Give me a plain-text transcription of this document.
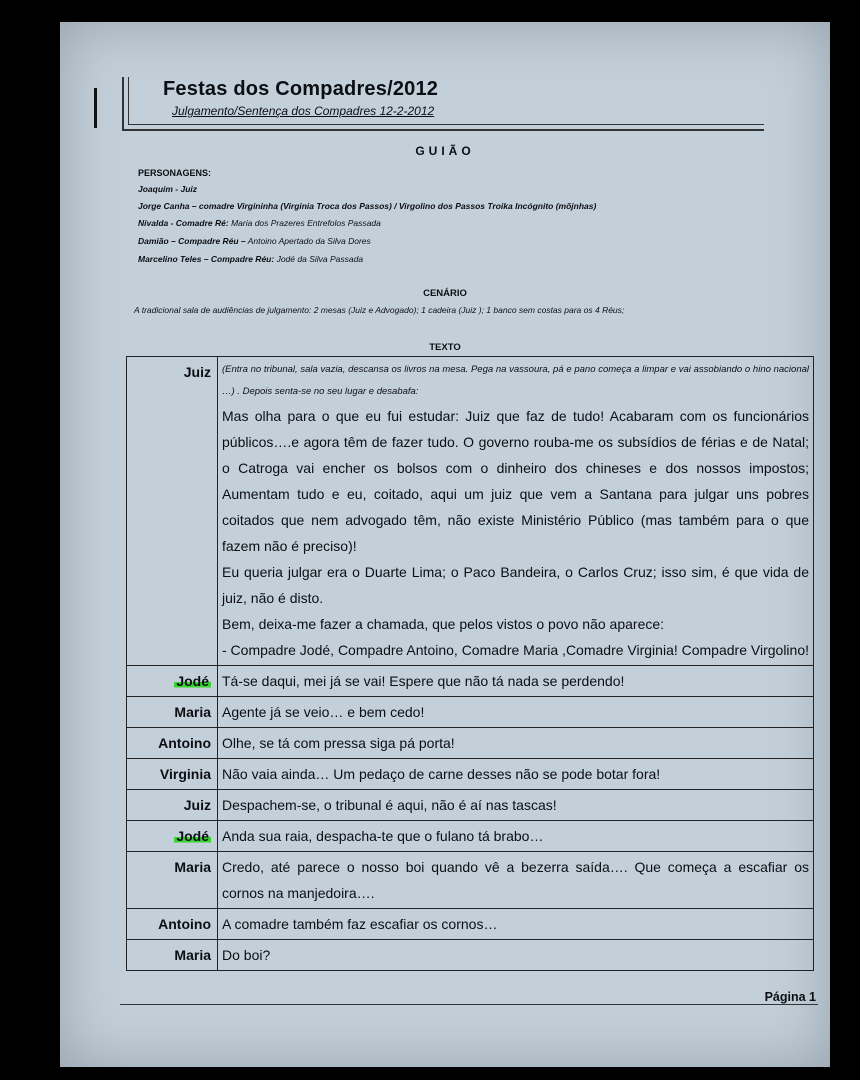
Festas dos Compadres/2012
Julgamento/Sentença dos Compadres 12-2-2012
GUIÃO
PERSONAGENS:
Joaquim - Juiz
Jorge Canha – comadre Virgininha (Virginia Troca dos Passos) / Virgolino dos Passos Troika Incógnito (mõjnhas)
Nivalda - Comadre Ré: Maria dos Prazeres Entrefolos Passada
Damião – Compadre Réu – Antoino Apertado da Silva Dores
Marcelino Teles – Compadre Réu: Jodé da Silva Passada
CENÁRIO
A tradicional sala de audiências de julgamento: 2 mesas (Juiz e Advogado); 1 cadeira (Juiz ); 1 banco sem costas para os 4 Réus;
TEXTO
Juiz	(Entra no tribunal, sala vazia, descansa os livros na mesa. Pega na vassoura, pá e pano começa a limpar e vai assobiando o hino nacional …) . Depois senta-se no seu lugar e desabafa:
Mas olha para o que eu fui estudar: Juiz que faz de tudo! Acabaram com os funcionários públicos….e agora têm de fazer tudo. O governo rouba-me os subsídios de férias e de Natal; o Catroga vai encher os bolsos com o dinheiro dos chineses e dos nossos impostos; Aumentam tudo e eu, coitado, aqui um juiz que vem a Santana para julgar uns pobres coitados que nem advogado têm, não existe Ministério Público (mas também para o que fazem não é preciso)!
Eu queria julgar era o Duarte Lima; o Paco Bandeira, o Carlos Cruz; isso sim, é que vida de juiz, não é disto.
Bem, deixa-me fazer a chamada, que pelos vistos o povo não aparece:
- Compadre Jodé, Compadre Antoino, Comadre Maria ,Comadre Virginia! Compadre Virgolino!

Jodé	Tá-se daqui, mei já se vai! Espere que não tá nada se perdendo!
Maria	Agente já se veio… e bem cedo!
Antoino	Olhe, se tá com pressa siga pá porta!
Virginia	Não vaia ainda… Um pedaço de carne desses não se pode botar fora!
Juiz	Despachem-se, o tribunal é aqui, não é aí nas tascas!
Jodé	Anda sua raia, despacha-te que o fulano tá brabo…
Maria	Credo, até parece o nosso boi quando vê a bezerra saída…. Que começa a escafiar os cornos na manjedoira….
Antoino	A comadre também faz escafiar os cornos…
Maria	Do boi?
Página 1
